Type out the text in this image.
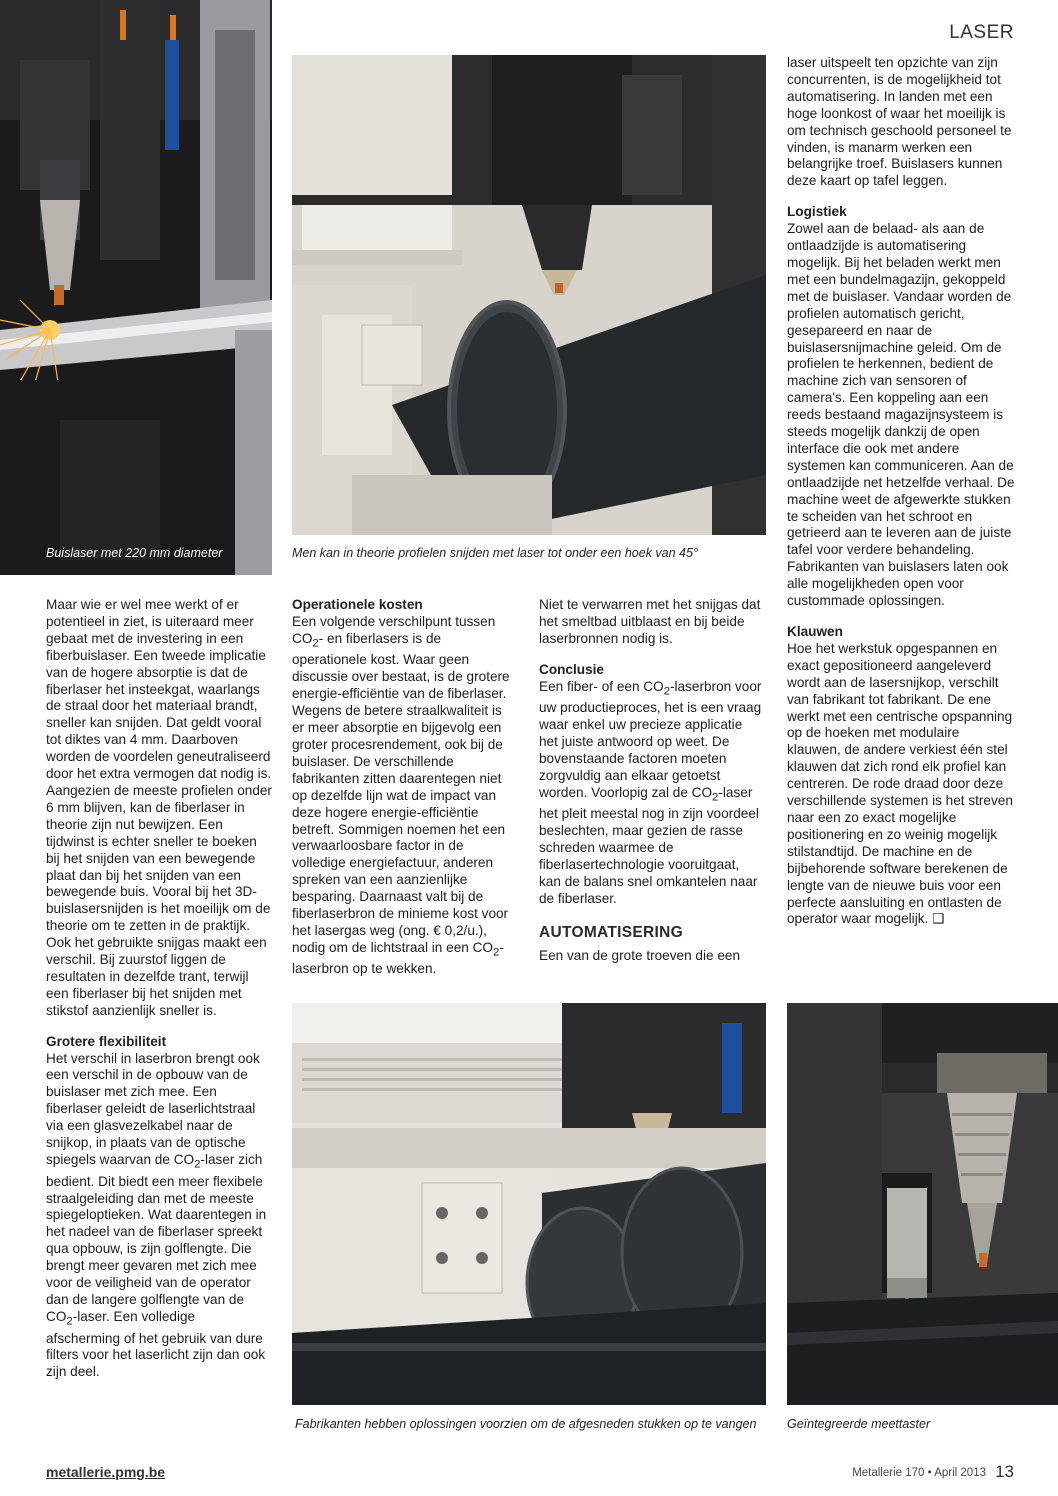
LASER
Buislaser met 220 mm diameter	Men kan in theorie profielen snijden met laser tot onder een hoek van 45°

Maar wie er wel mee werkt of er potentieel in ziet, is uiteraard meer gebaat met de investering in een fiberbuislaser. Een tweede implicatie van de hogere absorptie is dat de fiberlaser het insteekgat, waarlangs de straal door het materiaal brandt, sneller kan snijden. Dat geldt vooral tot diktes van 4 mm. Daarboven worden de voordelen geneutraliseerd door het extra vermogen dat nodig is. Aangezien de meeste profielen onder 6 mm blijven, kan de fiberlaser in theorie zijn nut bewijzen. Een tijdwinst is echter sneller te boeken bij het snijden van een bewegende plaat dan bij het snijden van een bewegende buis. Vooral bij het 3D-buislasersnijden is het moeilijk om de theorie om te zetten in de praktijk. Ook het gebruikte snijgas maakt een verschil. Bij zuurstof liggen de resultaten in dezelfde trant, terwijl een fiberlaser bij het snijden met stikstof aanzienlijk sneller is.

Grotere flexibiliteit

Het verschil in laserbron brengt ook een verschil in de opbouw van de buislaser met zich mee. Een fiberlaser geleidt de laserlichtstraal via een glasvezelkabel naar de snijkop, in plaats van de optische spiegels waarvan de $CO_2$-laser zich bedient. Dit biedt een meer flexibele straalgeleiding dan met de meeste spiegeloptieken. Wat daarentegen in het nadeel van de fiberlaser spreekt qua opbouw, is zijn golflengte. Die brengt meer gevaren met zich mee voor de veiligheid van de operator dan de langere golflengte van de $CO_2$-laser. Een volledige afscherming of het gebruik van dure filters voor het laserlicht zijn dan ook zijn deel.

Operationele kosten

Een volgende verschilpunt tussen $CO_2-$ en fiberlasers is de operationele kost. Waar geen discussie over bestaat, is de grotere energie-efficiëntie van de fiberlaser. Wegens de betere straalkwaliteit is er meer absorptie en bijgevolg een groter procesrendement, ook bij de buislaser. De verschillende fabrikanten zitten daarentegen niet op dezelfde lijn wat de impact van deze hogere energie-efficiëntie betreft. Sommigen noemen het een verwaarloosbare factor in de volledige energiefactuur, anderen spreken van een aanzienlijke besparing. Daarnaast valt bij de fiberlaserbron de minieme kost voor het lasergas weg (ong. € 0,2/u.), nodig om de lichtstraal in een $CO_2$-laserbron op te wekken.

Niet te verwarren met het snijgas dat het smeltbad uitblaast en bij beide laserbronnen nodig is.

Conclusie

Een fiber- of een $CO_2$-laserbron voor uw productieproces, het is een vraag waar enkel uw precieze applicatie het juiste antwoord op weet. De bovenstaande factoren moeten zorgvuldig aan elkaar getoetst worden. Voorlopig zal de $CO_2$-laser het pleit meestal nog in zijn voordeel beslechten, maar gezien de rasse schreden waarmee de fiberlasertechnologie vooruitgaat, kan de balans snel omkantelen naar de fiberlaser.

AUTOMATISERING

Een van de grote troeven die een

laser uitspeelt ten opzichte van zijn concurrenten, is de mogelijkheid tot automatisering. In landen met een hoge loonkost of waar het moeilijk is om technisch geschoold personeel te vinden, is manarm werken een belangrijke troef. Buislasers kunnen deze kaart op tafel leggen.

Logistiek

Zowel aan de belaad- als aan de ontlaadzijde is automatisering mogelijk. Bij het beladen werkt men met een bundelmagazijn, gekoppeld met de buislaser. Vandaar worden de profielen automatisch gericht, gesepareerd en naar de buislasersnijmachine geleid. Om de profielen te herkennen, bedient de machine zich van sensoren of camera's. Een koppeling aan een reeds bestaand magazijnsysteem is steeds mogelijk dankzij de open interface die ook met andere systemen kan communiceren. Aan de ontlaadzijde net hetzelfde verhaal. De machine weet de afgewerkte stukken te scheiden van het schroot en getrieerd aan te leveren aan de juiste tafel voor verdere behandeling. Fabrikanten van buislasers laten ook alle mogelijkheden open voor custommade oplossingen.

Klauwen

Hoe het werkstuk opgespannen en exact gepositioneerd aangeleverd wordt aan de lasersnijkop, verschilt van fabrikant tot fabrikant. De ene werkt met een centrische opspanning op de hoeken met modulaire klauwen, de andere verkiest één stel klauwen dat zich rond elk profiel kan centreren. De rode draad door deze verschillende systemen is het streven naar een zo exact mogelijke positionering en zo weinig mogelijk stilstandtijd. De machine en de bijbehorende software berekenen de lengte van de nieuwe buis voor een perfecte aansluiting en ontlasten de operator waar mogelijk. ❑

Fabrikanten hebben oplossingen voorzien om de afgesneden stukken op te vangen Geïntegreerde meettaster
metallerie.pmg.be	Metallerie 170 • April 2013 13
